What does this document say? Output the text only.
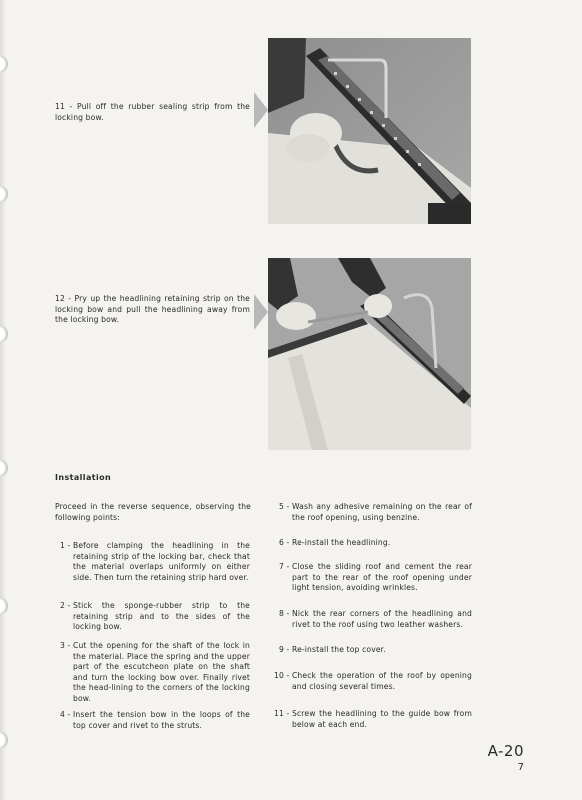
11 - Pull off the rubber sealing strip from the locking bow.
12 - Pry up the headlining retaining strip on the locking bow and pull the headlining away from the locking bow.
Installation
Proceed in the reverse sequence, observing the following points:
1 - Before clamping the headlining in the retaining strip of the locking bar, check that the material overlaps uniformly on either side. Then turn the retaining strip hard over.
2 - Stick the sponge-rubber strip to the retaining strip and to the sides of the locking bow.
3 - Cut the opening for the shaft of the lock in the material. Place the spring and the upper part of the escutcheon plate on the shaft and turn the locking bow over. Finally rivet the head-lining to the corners of the locking bow.
4 - Insert the tension bow in the loops of the top cover and rivet to the struts.
5 - Wash any adhesive remaining on the rear of the roof opening, using benzine.
6 - Re-install the headlining.
7 - Close the sliding roof and cement the rear part to the rear of the roof opening under light tension, avoiding wrinkles.
8 - Nick the rear corners of the headlining and rivet to the roof using two leather washers.
9 - Re-install the top cover.
10 - Check the operation of the roof by opening and closing several times.
11 - Screw the headlining to the guide bow from below at each end.
A-20
7
